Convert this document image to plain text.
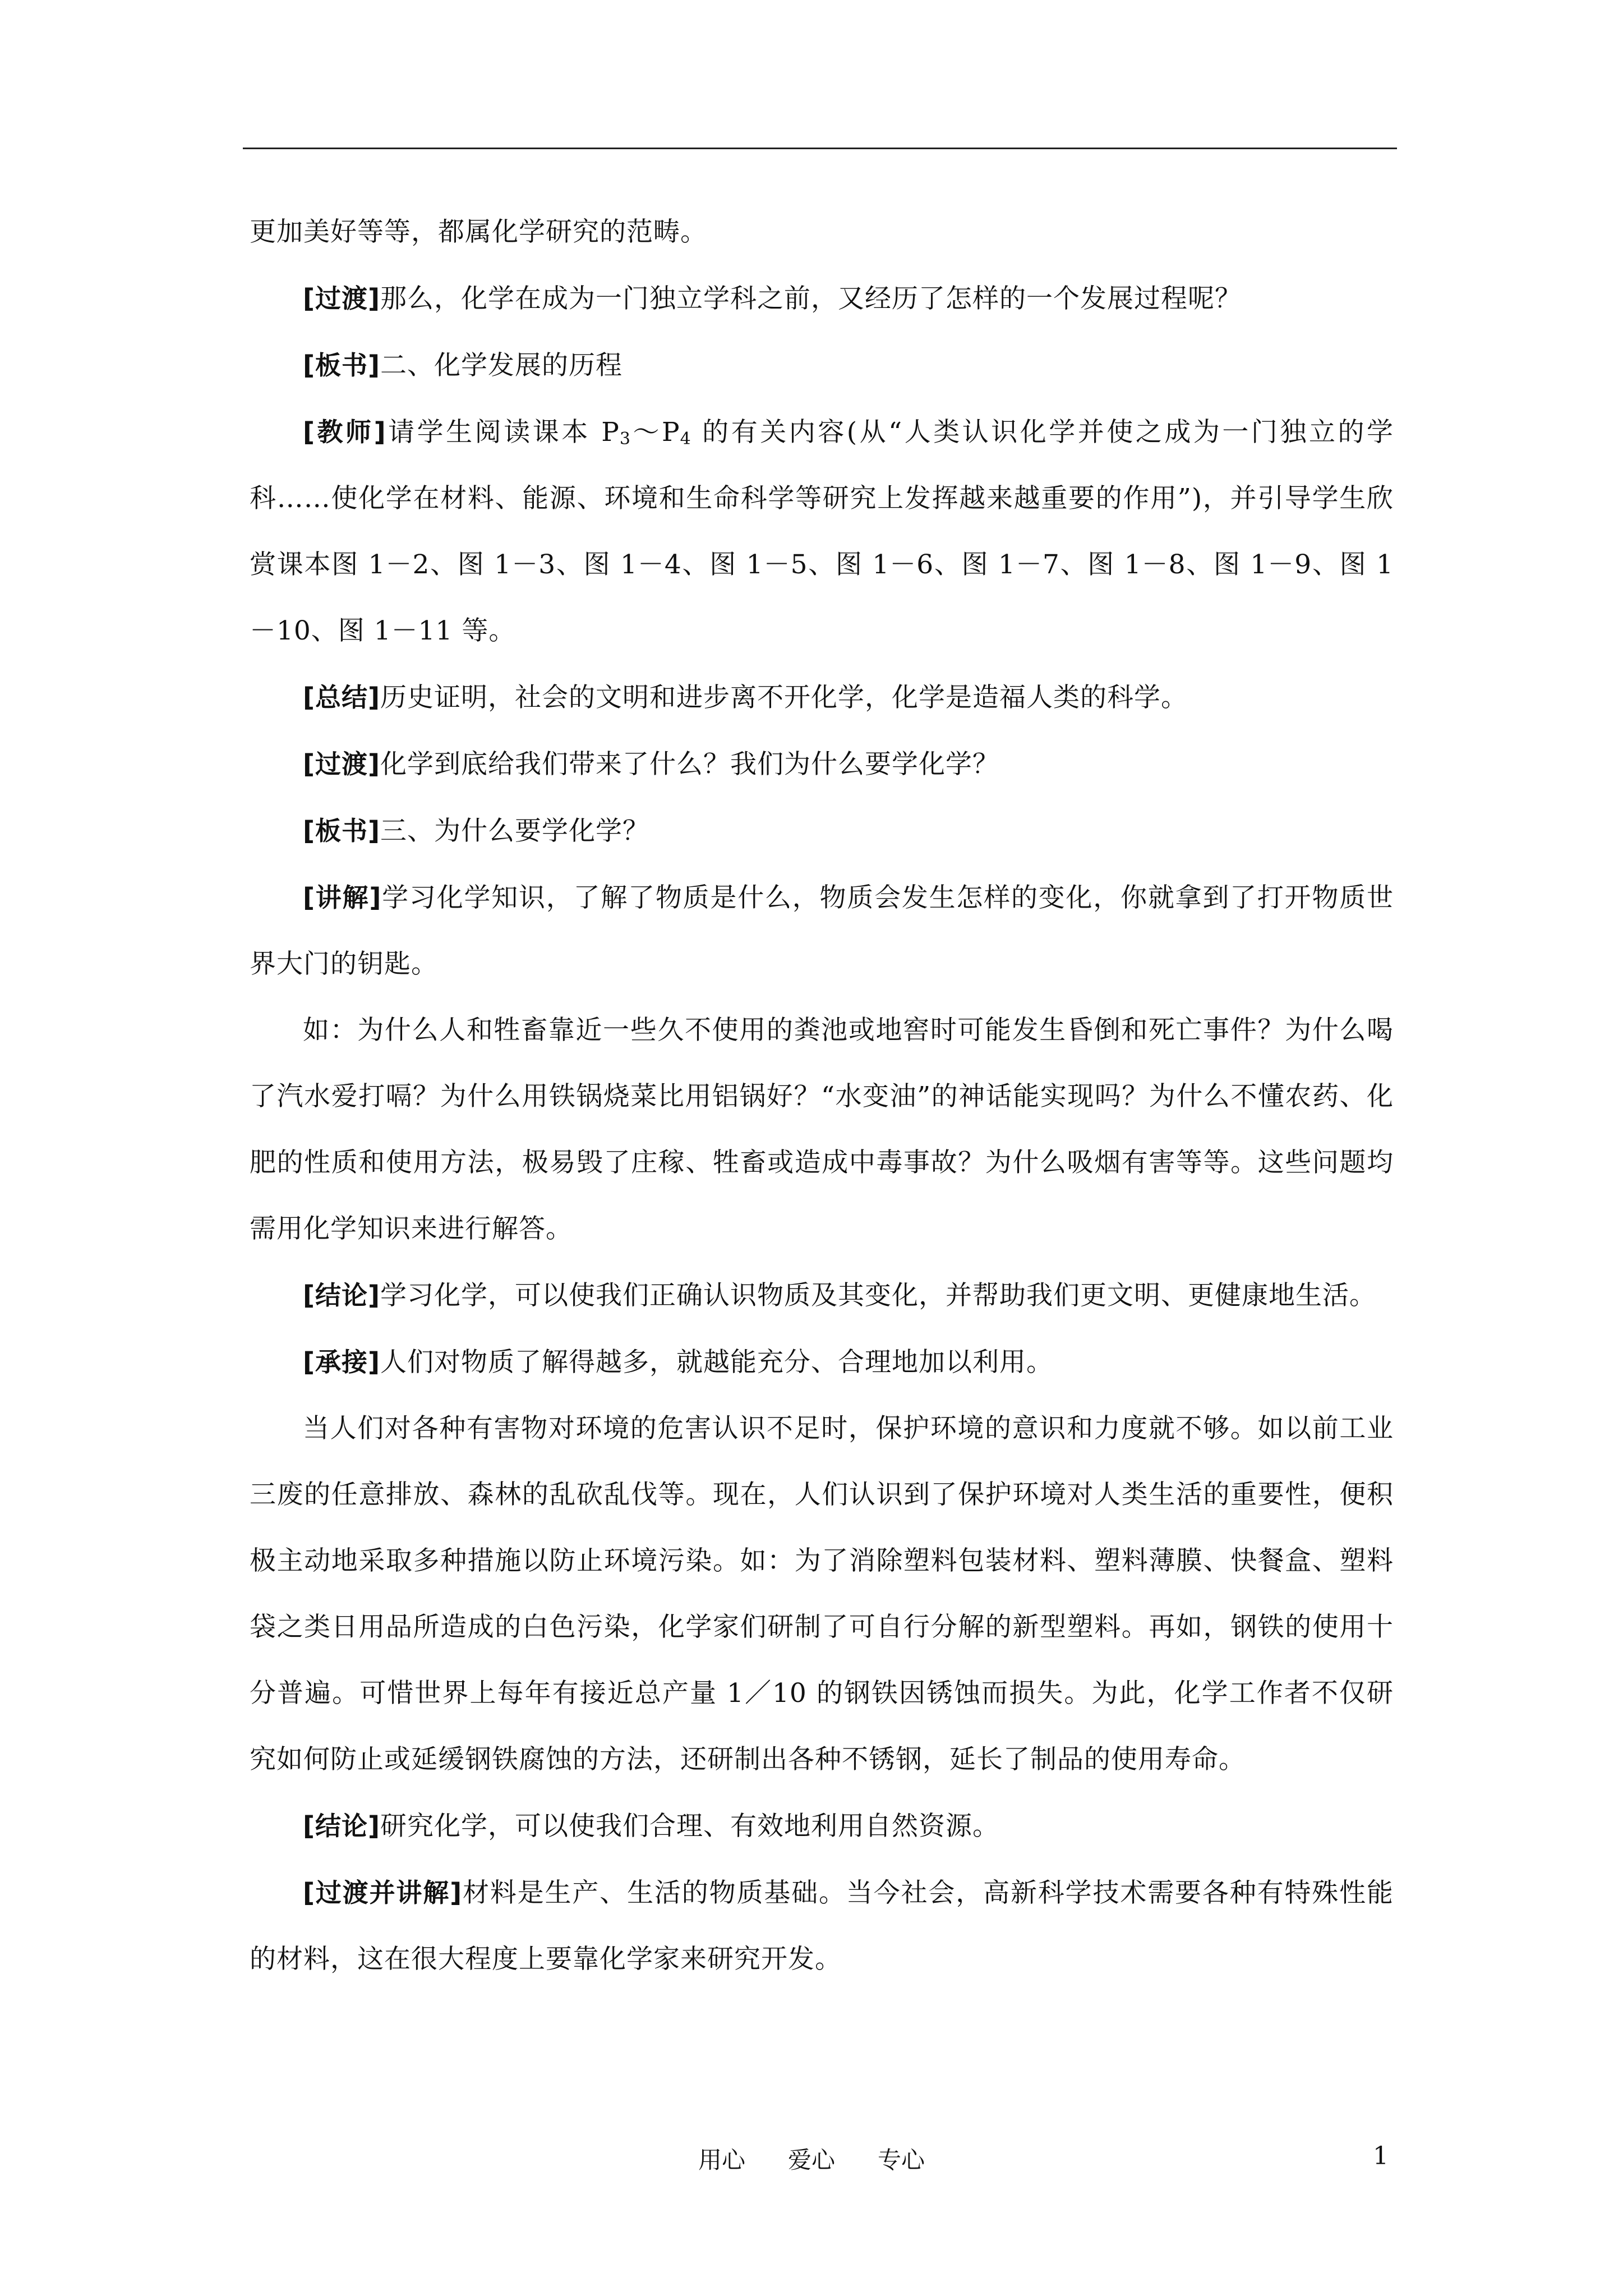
更加美好等等，都属化学研究的范畴。

[过渡]那么，化学在成为一门独立学科之前，又经历了怎样的一个发展过程呢？

[板书]二、化学发展的历程

[教师]请学生阅读课本 $P_3\sim P_4$ 的有关内容(从“人类认识化学并使之成为一门独立的学科……使化学在材料、能源、环境和生命科学等研究上发挥越来越重要的作用”)，并引导学生欣赏课本图 1－2、图 1－3、图 1－4、图 1－5、图 1－6、图 1－7、图 1－8、图 1－9、图 1－10、图 1－11 等。

[总结]历史证明，社会的文明和进步离不开化学，化学是造福人类的科学。

[过渡]化学到底给我们带来了什么？我们为什么要学化学？

[板书]三、为什么要学化学？

[讲解]学习化学知识，了解了物质是什么，物质会发生怎样的变化，你就拿到了打开物质世界大门的钥匙。

如：为什么人和牲畜靠近一些久不使用的粪池或地窖时可能发生昏倒和死亡事件？为什么喝了汽水爱打嗝？为什么用铁锅烧菜比用铝锅好？“水变油”的神话能实现吗？为什么不懂农药、化肥的性质和使用方法，极易毁了庄稼、牲畜或造成中毒事故？为什么吸烟有害等等。这些问题均需用化学知识来进行解答。

[结论]学习化学，可以使我们正确认识物质及其变化，并帮助我们更文明、更健康地生活。

[承接]人们对物质了解得越多，就越能充分、合理地加以利用。

当人们对各种有害物对环境的危害认识不足时，保护环境的意识和力度就不够。如以前工业三废的任意排放、森林的乱砍乱伐等。现在，人们认识到了保护环境对人类生活的重要性，便积极主动地采取多种措施以防止环境污染。如：为了消除塑料包装材料、塑料薄膜、快餐盒、塑料袋之类日用品所造成的白色污染，化学家们研制了可自行分解的新型塑料。再如，钢铁的使用十分普遍。可惜世界上每年有接近总产量 1／10 的钢铁因锈蚀而损失。为此，化学工作者不仅研究如何防止或延缓钢铁腐蚀的方法，还研制出各种不锈钢，延长了制品的使用寿命。

[结论]研究化学，可以使我们合理、有效地利用自然资源。

[过渡并讲解]材料是生产、生活的物质基础。当今社会，高新科学技术需要各种有特殊性能的材料，这在很大程度上要靠化学家来研究开发。

用心 爱心 专心	1
